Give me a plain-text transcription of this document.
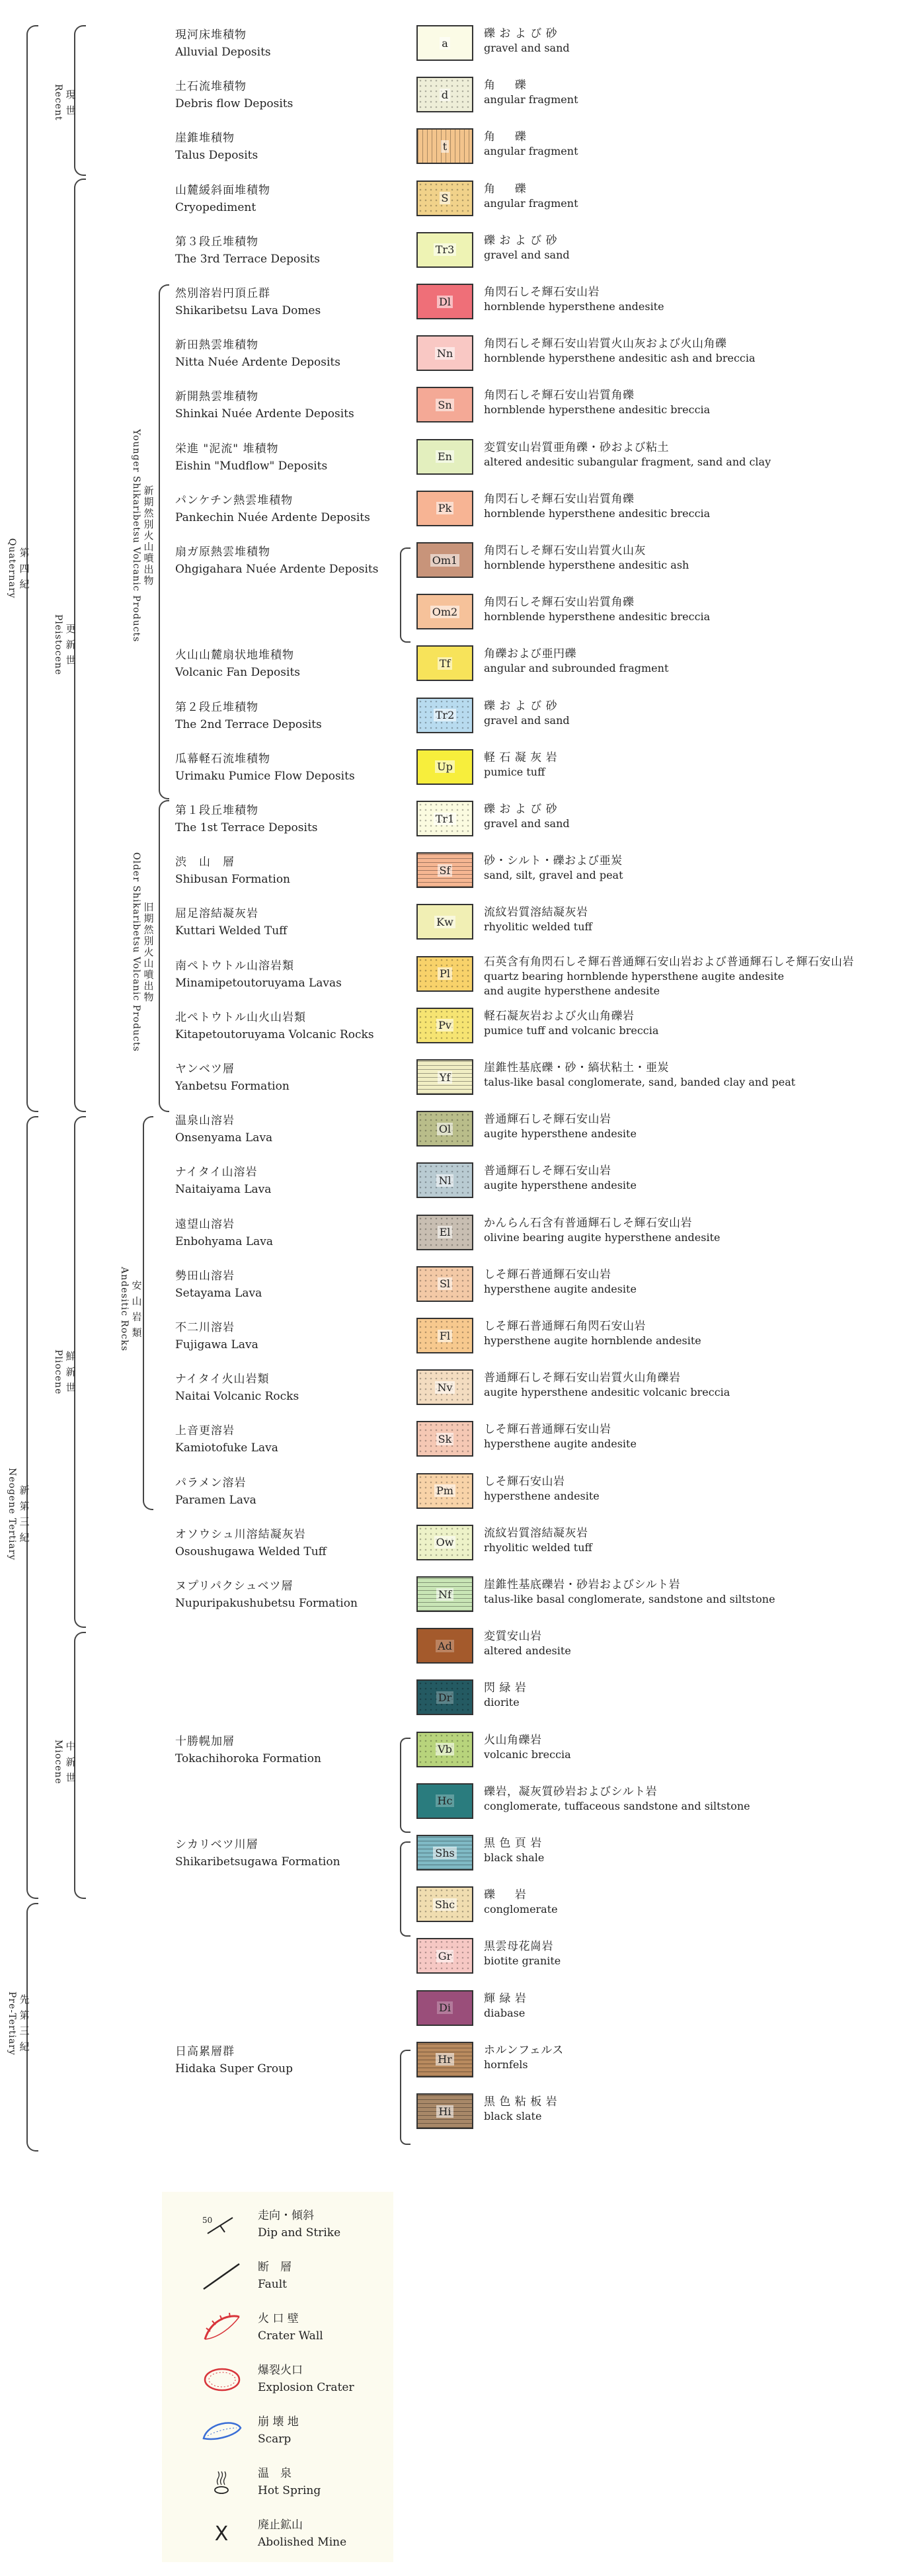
現河床堆積物
Alluvial Deposits
a
礫 お よ び 砂
gravel and sand
土石流堆積物
Debris flow Deposits
d
角 　 礫
angular fragment
崖錐堆積物
Talus Deposits
t
角 　 礫
angular fragment
山麓緩斜面堆積物
Cryopediment
S
角 　 礫
angular fragment
第３段丘堆積物
The 3rd Terrace Deposits
Tr3
礫 お よ び 砂
gravel and sand
然別溶岩円頂丘群
Shikaribetsu Lava Domes
Dl
角閃石しそ輝石安山岩
hornblende hypersthene andesite
新田熱雲堆積物
Nitta Nuée Ardente Deposits
Nn
角閃石しそ輝石安山岩質火山灰および火山角礫
hornblende hypersthene andesitic ash and breccia
新開熱雲堆積物
Shinkai Nuée Ardente Deposits
Sn
角閃石しそ輝石安山岩質角礫
hornblende hypersthene andesitic breccia
栄進 "泥流" 堆積物
Eishin "Mudflow" Deposits
En
変質安山岩質亜角礫・砂および粘土
altered andesitic subangular fragment, sand and clay
パンケチン熱雲堆積物
Pankechin Nuée Ardente Deposits
Pk
角閃石しそ輝石安山岩質角礫
hornblende hypersthene andesitic breccia
扇ガ原熱雲堆積物
Ohgigahara Nuée Ardente Deposits
Om1
角閃石しそ輝石安山岩質火山灰
hornblende hypersthene andesitic ash
Om2
角閃石しそ輝石安山岩質角礫
hornblende hypersthene andesitic breccia
火山山麓扇状地堆積物
Volcanic Fan Deposits
Tf
角礫および亜円礫
angular and subrounded fragment
第２段丘堆積物
The 2nd Terrace Deposits
Tr2
礫 お よ び 砂
gravel and sand
瓜幕軽石流堆積物
Urimaku Pumice Flow Deposits
Up
軽 石 凝 灰 岩
pumice tuff
第１段丘堆積物
The 1st Terrace Deposits
Tr1
礫 お よ び 砂
gravel and sand
渋　山　層
Shibusan Formation
Sf
砂・シルト・礫および亜炭
sand, silt, gravel and peat
屈足溶結凝灰岩
Kuttari Welded Tuff
Kw
流紋岩質溶結凝灰岩
rhyolitic welded tuff
南ペトウトル山溶岩類
Minamipetoutoruyama Lavas
Pl
石英含有角閃石しそ輝石普通輝石安山岩および普通輝石しそ輝石安山岩
quartz bearing hornblende hypersthene augite andesite
and augite hypersthene andesite
北ペトウトル山火山岩類
Kitapetoutoruyama Volcanic Rocks
Pv
軽石凝灰岩および火山角礫岩
pumice tuff and volcanic breccia
ヤンベツ層
Yanbetsu Formation
Yf
崖錐性基底礫・砂・縞状粘土・亜炭
talus-like basal conglomerate, sand, banded clay and peat
温泉山溶岩
Onsenyama Lava
Ol
普通輝石しそ輝石安山岩
augite hypersthene andesite
ナイタイ山溶岩
Naitaiyama Lava
Nl
普通輝石しそ輝石安山岩
augite hypersthene andesite
遠望山溶岩
Enbohyama Lava
El
かんらん石含有普通輝石しそ輝石安山岩
olivine bearing augite hypersthene andesite
勢田山溶岩
Setayama Lava
Sl
しそ輝石普通輝石安山岩
hypersthene augite andesite
不二川溶岩
Fujigawa Lava
Fl
しそ輝石普通輝石角閃石安山岩
hypersthene augite hornblende andesite
ナイタイ火山岩類
Naitai Volcanic Rocks
Nv
普通輝石しそ輝石安山岩質火山角礫岩
augite hypersthene andesitic volcanic breccia
上音更溶岩
Kamiotofuke Lava
Sk
しそ輝石普通輝石安山岩
hypersthene augite andesite
パラメン溶岩
Paramen Lava
Pm
しそ輝石安山岩
hypersthene andesite
オソウシュ川溶結凝灰岩
Osoushugawa Welded Tuff
Ow
流紋岩質溶結凝灰岩
rhyolitic welded tuff
ヌプリパクシュベツ層
Nupuripakushubetsu Formation
Nf
崖錐性基底礫岩・砂岩およびシルト岩
talus-like basal conglomerate, sandstone and siltstone
Ad
変質安山岩
altered andesite
Dr
閃 緑 岩
diorite
十勝幌加層
Tokachihoroka Formation
Vb
火山角礫岩
volcanic breccia
Hc
礫岩，凝灰質砂岩およびシルト岩
conglomerate, tuffaceous sandstone and siltstone
シカリベツ川層
Shikaribetsugawa Formation
Shs
黒 色 頁 岩
black shale
Shc
礫 　 岩
conglomerate
Gr
黒雲母花崗岩
biotite granite
Di
輝 緑 岩
diabase
日高累層群
Hidaka Super Group
Hr
ホルンフェルス
hornfels
Hi
黒 色 粘 板 岩
black slate
第 四 紀
Quaternary
新 第 三 紀
Neogene Tertiary
先 第 三 紀
Pre-Tertiary
現 世
Recent
更 新 世
Pleistocene
鮮 新 世
Pliocene
中 新 世
Miocene
新期然別火山噴出物
Younger Shikaribetsu Volcanic Products
旧期然別火山噴出物
Older Shikaribetsu Volcanic Products
安 山 岩 類
Andesitic Rocks
50	走向・傾斜
Dip and Strike
断　層
Fault
火 口 壁
Crater Wall
爆裂火口
Explosion Crater
崩 壊 地
Scarp
温　泉
Hot Spring
X	廃止鉱山
Abolished Mine
